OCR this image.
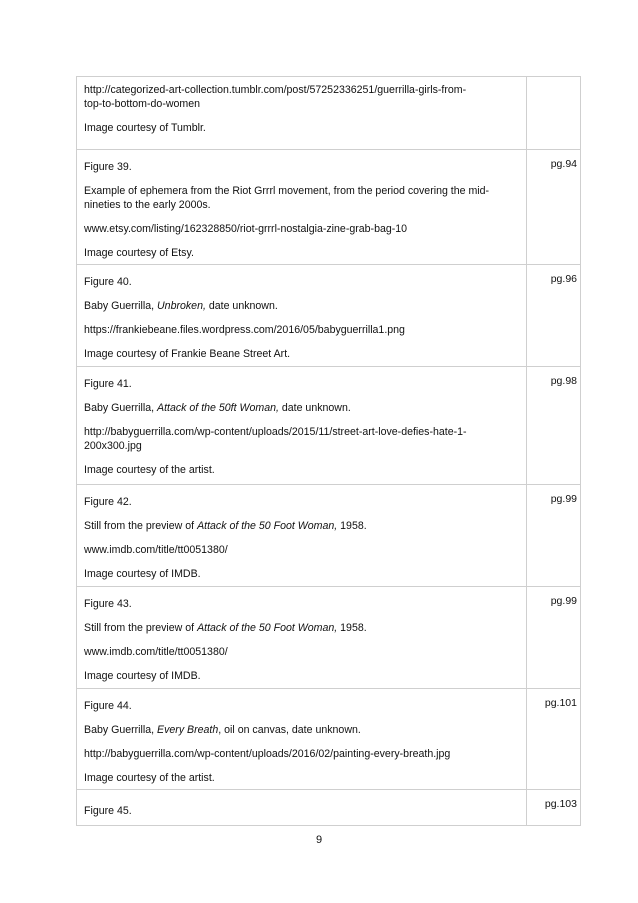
http://categorized-art-collection.tumblr.com/post/57252336251/guerrilla-girls-from-
top-to-bottom-do-women

Image courtesy of Tumblr.	

Figure 39.

Example of ephemera from the Riot Grrrl movement, from the period covering the mid-
nineties to the early 2000s.

www.etsy.com/listing/162328850/riot-grrrl-nostalgia-zine-grab-bag-10

Image courtesy of Etsy.	pg.94

Figure 40.

Baby Guerrilla, Unbroken, date unknown.

https://frankiebeane.files.wordpress.com/2016/05/babyguerrilla1.png

Image courtesy of Frankie Beane Street Art.	pg.96

Figure 41.

Baby Guerrilla, Attack of the 50ft Woman, date unknown.

http://babyguerrilla.com/wp-content/uploads/2015/11/street-art-love-defies-hate-1-
200x300.jpg

Image courtesy of the artist.	pg.98

Figure 42.

Still from the preview of Attack of the 50 Foot Woman, 1958.

www.imdb.com/title/tt0051380/

Image courtesy of IMDB.	pg.99

Figure 43.

Still from the preview of Attack of the 50 Foot Woman, 1958.

www.imdb.com/title/tt0051380/

Image courtesy of IMDB.	pg.99

Figure 44.

Baby Guerrilla, Every Breath, oil on canvas, date unknown.

http://babyguerrilla.com/wp-content/uploads/2016/02/painting-every-breath.jpg

Image courtesy of the artist.	pg.101

Figure 45.	pg.103
9
